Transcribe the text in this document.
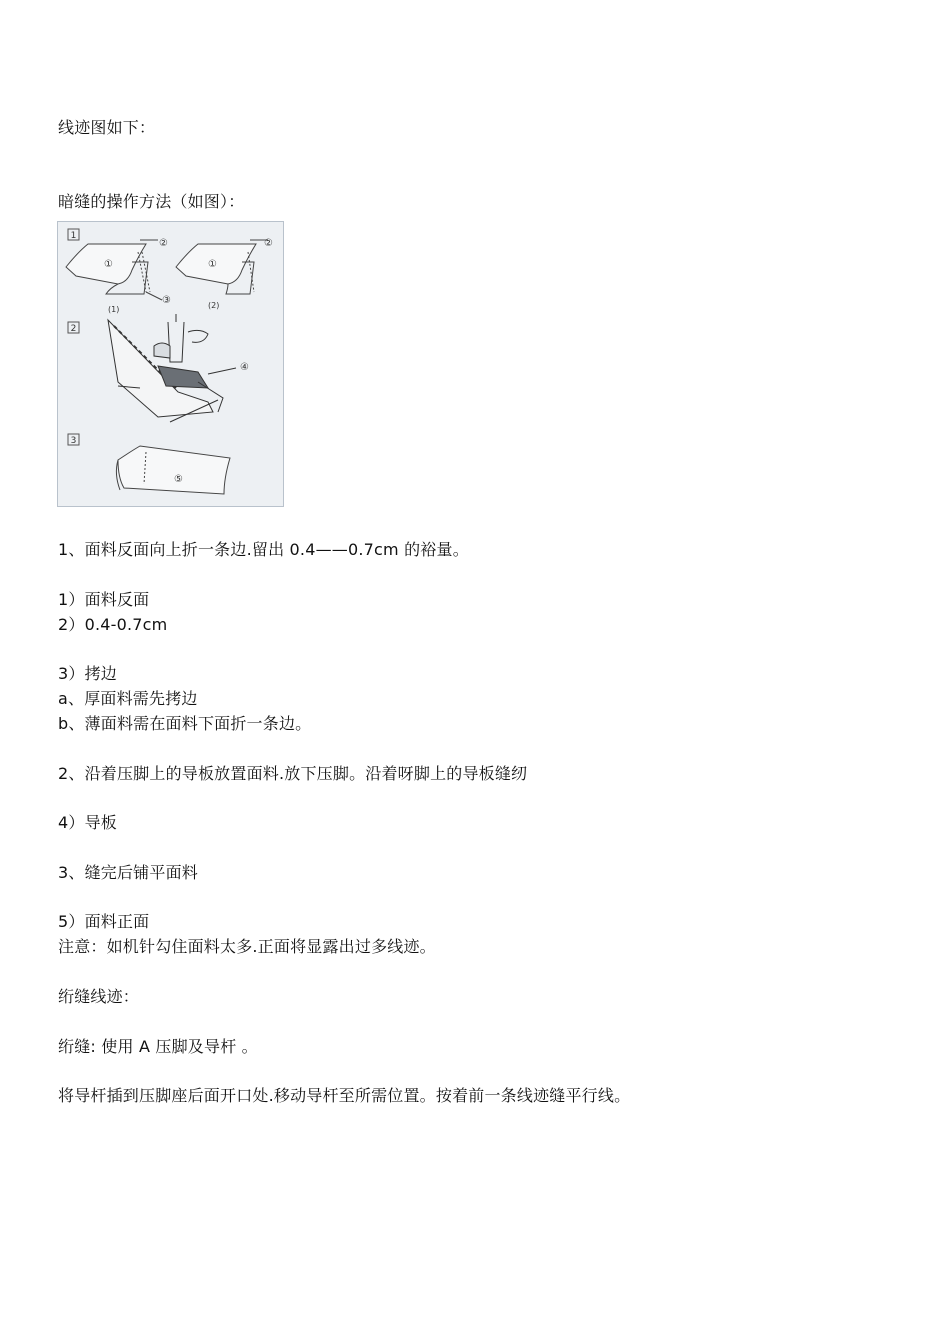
线迹图如下：
暗缝的操作方法（如图）：
1
2
3
①
②
③
(1)
①
②
(2)
④
⑤
1、面料反面向上折一条边.留出 0.4——0.7cm 的裕量。
1）面料反面
2）0.4-0.7cm
3）拷边
a、厚面料需先拷边
b、薄面料需在面料下面折一条边。
2、沿着压脚上的导板放置面料.放下压脚。沿着呀脚上的导板缝纫
4）导板
3、缝完后铺平面料
5）面料正面
注意：如机针勾住面料太多.正面将显露出过多线迹。
绗缝线迹：
绗缝: 使用 A 压脚及导杆 。
将导杆插到压脚座后面开口处.移动导杆至所需位置。按着前一条线迹缝平行线。
